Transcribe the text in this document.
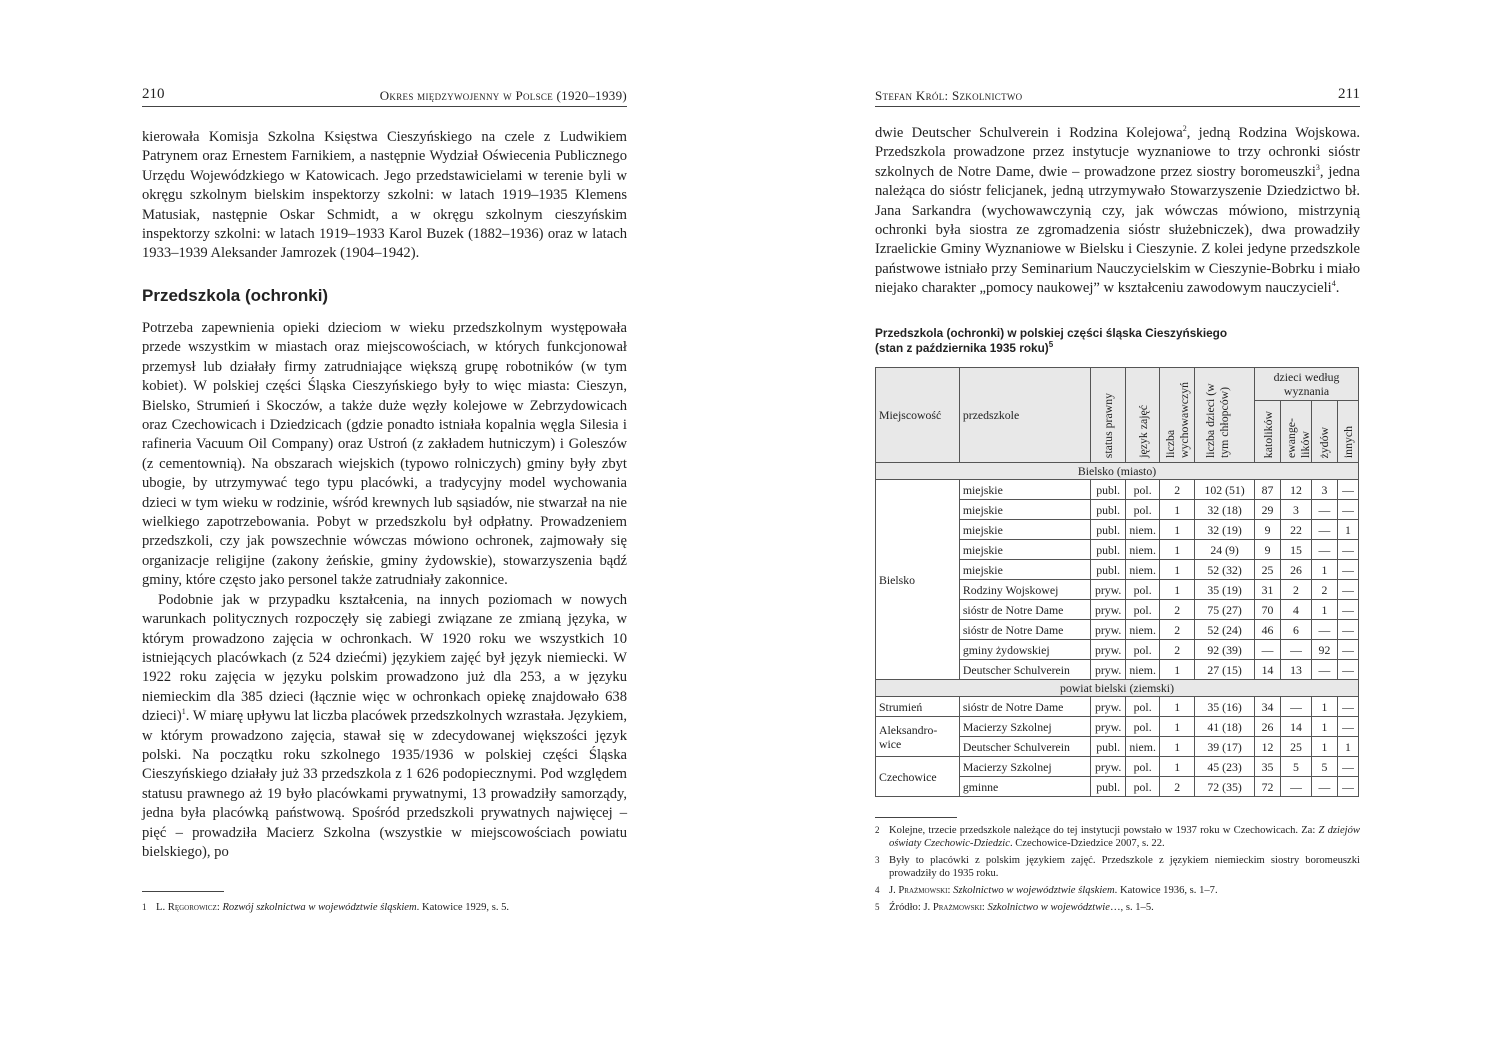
210	Okres międzywojenny w Polsce (1920–1939)

kierowała Komisja Szkolna Księstwa Cieszyńskiego na czele z Ludwikiem Patrynem oraz Ernestem Farnikiem, a następnie Wydział Oświecenia Publicznego Urzędu Wojewódzkiego w Katowicach. Jego przedstawicielami w terenie byli w okręgu szkolnym bielskim inspektorzy szkolni: w latach 1919–1935 Klemens Matusiak, następnie Oskar Schmidt, a w okręgu szkolnym cieszyńskim inspektorzy szkolni: w latach 1919–1933 Karol Buzek (1882–1936) oraz w latach 1933–1939 Aleksander Jamrozek (1904–1942).

Przedszkola (ochronki)

Potrzeba zapewnienia opieki dzieciom w wieku przedszkolnym występowała przede wszystkim w miastach oraz miejscowościach, w których funkcjonował przemysł lub działały firmy zatrudniające większą grupę robotników (w tym kobiet). W polskiej części Śląska Cieszyńskiego były to więc miasta: Cieszyn, Bielsko, Strumień i Skoczów, a także duże węzły kolejowe w Zebrzydowicach oraz Czechowicach i Dziedzicach (gdzie ponadto istniała kopalnia węgla Silesia i rafineria Vacuum Oil Company) oraz Ustroń (z zakładem hutniczym) i Goleszów (z cementownią). Na obszarach wiejskich (typowo rolniczych) gminy były zbyt ubogie, by utrzymywać tego typu placówki, a tradycyjny model wychowania dzieci w tym wieku w rodzinie, wśród krewnych lub sąsiadów, nie stwarzał na nie wielkiego zapotrzebowania. Pobyt w przedszkolu był odpłatny. Prowadzeniem przedszkoli, czy jak powszechnie wówczas mówiono ochronek, zajmowały się organizacje religijne (zakony żeńskie, gminy żydowskie), stowarzyszenia bądź gminy, które często jako personel także zatrudniały zakonnice.

Podobnie jak w przypadku kształcenia, na innych poziomach w nowych warunkach politycznych rozpoczęły się zabiegi związane ze zmianą języka, w którym prowadzono zajęcia w ochronkach. W 1920 roku we wszystkich 10 istniejących placówkach (z 524 dziećmi) językiem zajęć był język niemiecki. W 1922 roku zajęcia w języku polskim prowadzono już dla 253, a w języku niemieckim dla 385 dzieci (łącznie więc w ochronkach opiekę znajdowało 638 dzieci)$^1$. W miarę upływu lat liczba placówek przedszkolnych wzrastała. Językiem, w którym prowadzono zajęcia, stawał się w zdecydowanej większości język polski. Na początku roku szkolnego 1935/1936 w polskiej części Śląska Cieszyńskiego działały już 33 przedszkola z 1 626 podopiecznymi. Pod względem statusu prawnego aż 19 było placówkami prywatnymi, 13 prowadziły samorządy, jedna była placówką państwową. Spośród przedszkoli prywatnych najwięcej – pięć – prowadziła Macierz Szkolna (wszystkie w miejscowościach powiatu bielskiego), po

1 L. Ręgorowicz: Rozwój szkolnictwa w województwie śląskiem. Katowice 1929, s. 5.
Stefan Król: Szkolnictwo	211

dwie Deutscher Schulverein i Rodzina Kolejowa$^2$, jedną Rodzina Wojskowa. Przedszkola prowadzone przez instytucje wyznaniowe to trzy ochronki sióstr szkolnych de Notre Dame, dwie – prowadzone przez siostry boromeuszki$^3$, jedna należąca do sióstr felicjanek, jedną utrzymywało Stowarzyszenie Dziedzictwo bł. Jana Sarkandra (wychowawczynią czy, jak wówczas mówiono, mistrzynią ochronki była siostra ze zgromadzenia sióstr służebniczek), dwa prowadziły Izraelickie Gminy Wyznaniowe w Bielsku i Cieszynie. Z kolei jedyne przedszkole państwowe istniało przy Seminarium Nauczycielskim w Cieszynie-Bobrku i miało niejako charakter „pomocy naukowej” w kształceniu zawodowym nauczycieli$^4$.

Przedszkola (ochronki) w polskiej części śląska Cieszyńskiego
(stan z października 1935 roku)$^5$
Miejscowość	przedszkole	status prawny	język zajęć	liczba wychowawczyń	liczba dzieci (w tym chłopców)	dzieci według wyznania			
						katolików	ewange-lików	żydów	innych
Bielsko (miasto)									
Bielsko	miejskie	publ.	pol.	2	102 (51)	87	12	3	—
	miejskie	publ.	pol.	1	32 (18)	29	3	—	—
	miejskie	publ.	niem.	1	32 (19)	9	22	—	1
	miejskie	publ.	niem.	1	24 (9)	9	15	—	—
	miejskie	publ.	niem.	1	52 (32)	25	26	1	—
	Rodziny Wojskowej	pryw.	pol.	1	35 (19)	31	2	2	—
	sióstr de Notre Dame	pryw.	pol.	2	75 (27)	70	4	1	—
	sióstr de Notre Dame	pryw.	niem.	2	52 (24)	46	6	—	—
	gminy żydowskiej	pryw.	pol.	2	92 (39)	—	—	92	—
	Deutscher Schulverein	pryw.	niem.	1	27 (15)	14	13	—	—
powiat bielski (ziemski)									
Strumień	sióstr de Notre Dame	pryw.	pol.	1	35 (16)	34	—	1	—
Aleksandro-wice	Macierzy Szkolnej	pryw.	pol.	1	41 (18)	26	14	1	—
	Deutscher Schulverein	publ.	niem.	1	39 (17)	12	25	1	1
Czechowice	Macierzy Szkolnej	pryw.	pol.	1	45 (23)	35	5	5	—
	gminne	publ.	pol.	2	72 (35)	72	—	—	—
2 Kolejne, trzecie przedszkole należące do tej instytucji powstało w 1937 roku w Czechowicach. Za: Z dziejów oświaty Czechowic-Dziedzic. Czechowice-Dziedzice 2007, s. 22.
3 Były to placówki z polskim językiem zajęć. Przedszkole z językiem niemieckim siostry boromeuszki prowadziły do 1935 roku.
4 J. Prażmowski: Szkolnictwo w województwie śląskiem. Katowice 1936, s. 1–7.
5 Źródło: J. Prażmowski: Szkolnictwo w województwie…, s. 1–5.
